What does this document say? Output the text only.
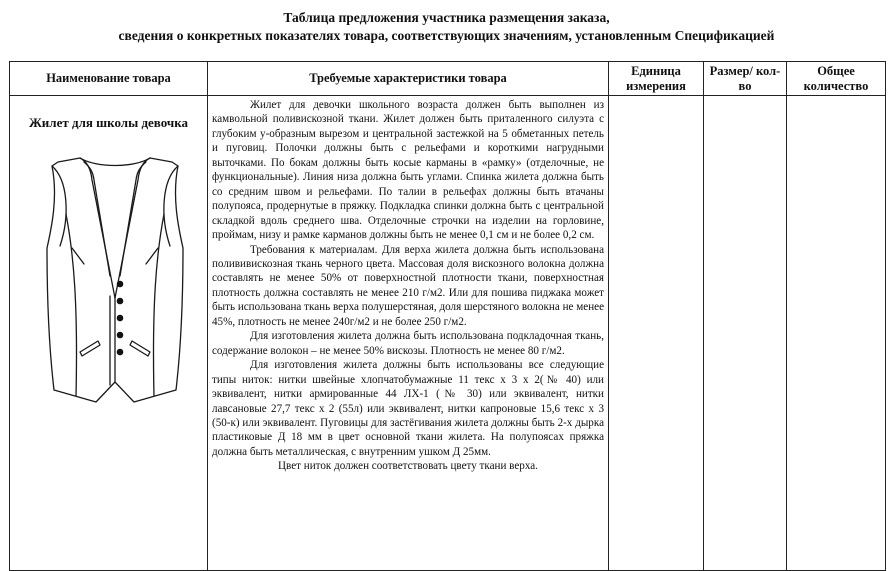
Таблица предложения участника размещения заказа,
сведения о конкретных показателях товара, соответствующих значениям, установленным Спецификацией
Наименование товара	Требуемые характеристики товара	Единица измерения	Размер/ кол-во	Общее количество

Жилет для школы девочка	Жилет для девочки школьного возраста должен быть выполнен из камвольной поливискозной ткани. Жилет должен быть приталенного силуэта с глубоким у-образным вырезом и центральной застежкой на 5 обметанных петель и пуговиц. Полочки должны быть с рельефами и короткими нагрудными выточками. По бокам должны быть косые карманы в «рамку» (отделочные, не функциональные). Линия низа должна быть углами. Спинка жилета должна быть со средним швом и рельефами. По талии в рельефах должны быть втачаны полупояса, продернутые в пряжку. Подкладка спинки должна быть с центральной складкой вдоль среднего шва. Отделочные строчки на изделии на горловине, проймам, низу и рамке карманов должны быть не менее 0,1 см и не более 0,2 см.

Требования к материалам. Для верха жилета должна быть использована полививискозная ткань черного цвета. Массовая доля вискозного волокна должна составлять не менее 50% от поверхностной плотности ткани, поверхностная плотность должна составлять не менее 210 г/м2. Или для пошива пиджака может быть использована ткань верха полушерстяная, доля шерстяного волокна не менее 45%, плотность не менее 240г/м2 и не более 250 г/м2.

Для изготовления жилета должна быть использована подкладочная ткань, содержание волокон – не менее 50% вискозы. Плотность не менее 80 г/м2.

Для изготовления жилета должны быть использованы все следующие типы ниток: нитки швейные хлопчатобумажные 11 текс х 3 х 2(№ 40) или эквивалент, нитки армированные 44 ЛХ-1 (№ 30) или эквивалент, нитки лавсановые 27,7 текс х 2 (55л) или эквивалент, нитки капроновые 15,6 текс х 3 (50-к) или эквивалент. Пуговицы для застёгивания жилета должны быть 2-х дырка пластиковые Д 18 мм в цвет основной ткани жилета. На полупоясах пряжка должна быть металлическая, с внутренним ушком Д 25мм.

Цвет ниток должен соответствовать цвету ткани верха.			
